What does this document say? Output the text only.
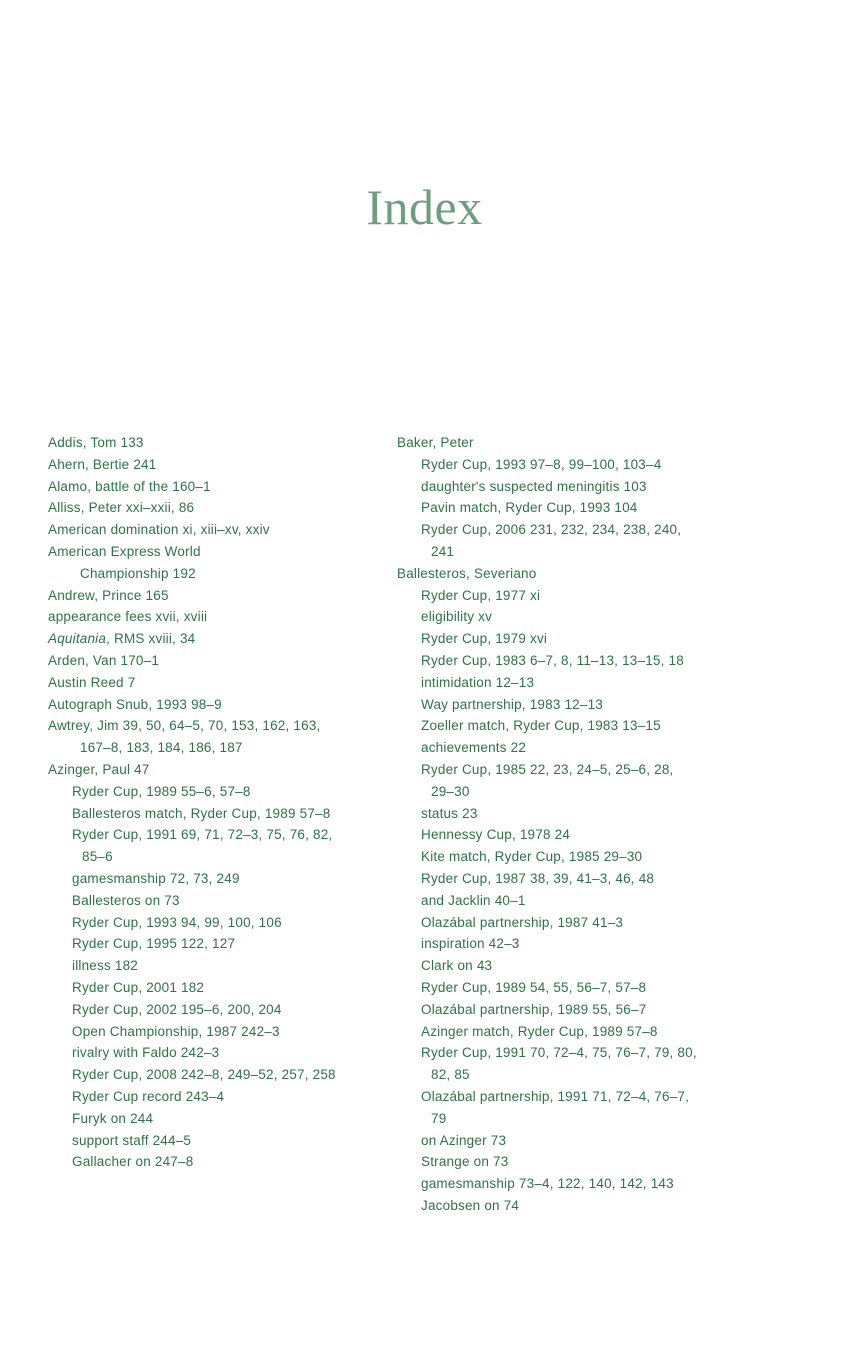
Index
Addis, Tom 133
Ahern, Bertie 241
Alamo, battle of the 160–1
Alliss, Peter xxi–xxii, 86
American domination xi, xiii–xv, xxiv
American Express World
Championship 192
Andrew, Prince 165
appearance fees xvii, xviii
Aquitania, RMS xviii, 34
Arden, Van 170–1
Austin Reed 7
Autograph Snub, 1993 98–9
Awtrey, Jim 39, 50, 64–5, 70, 153, 162, 163,
167–8, 183, 184, 186, 187
Azinger, Paul 47
Ryder Cup, 1989 55–6, 57–8
Ballesteros match, Ryder Cup, 1989 57–8
Ryder Cup, 1991 69, 71, 72–3, 75, 76, 82,
85–6
gamesmanship 72, 73, 249
Ballesteros on 73
Ryder Cup, 1993 94, 99, 100, 106
Ryder Cup, 1995 122, 127
illness 182
Ryder Cup, 2001 182
Ryder Cup, 2002 195–6, 200, 204
Open Championship, 1987 242–3
rivalry with Faldo 242–3
Ryder Cup, 2008 242–8, 249–52, 257, 258
Ryder Cup record 243–4
Furyk on 244
support staff 244–5
Gallacher on 247–8
Baker, Peter
Ryder Cup, 1993 97–8, 99–100, 103–4
daughter's suspected meningitis 103
Pavin match, Ryder Cup, 1993 104
Ryder Cup, 2006 231, 232, 234, 238, 240,
241
Ballesteros, Severiano
Ryder Cup, 1977 xi
eligibility xv
Ryder Cup, 1979 xvi
Ryder Cup, 1983 6–7, 8, 11–13, 13–15, 18
intimidation 12–13
Way partnership, 1983 12–13
Zoeller match, Ryder Cup, 1983 13–15
achievements 22
Ryder Cup, 1985 22, 23, 24–5, 25–6, 28,
29–30
status 23
Hennessy Cup, 1978 24
Kite match, Ryder Cup, 1985 29–30
Ryder Cup, 1987 38, 39, 41–3, 46, 48
and Jacklin 40–1
Olazábal partnership, 1987 41–3
inspiration 42–3
Clark on 43
Ryder Cup, 1989 54, 55, 56–7, 57–8
Olazábal partnership, 1989 55, 56–7
Azinger match, Ryder Cup, 1989 57–8
Ryder Cup, 1991 70, 72–4, 75, 76–7, 79, 80,
82, 85
Olazábal partnership, 1991 71, 72–4, 76–7,
79
on Azinger 73
Strange on 73
gamesmanship 73–4, 122, 140, 142, 143
Jacobsen on 74
